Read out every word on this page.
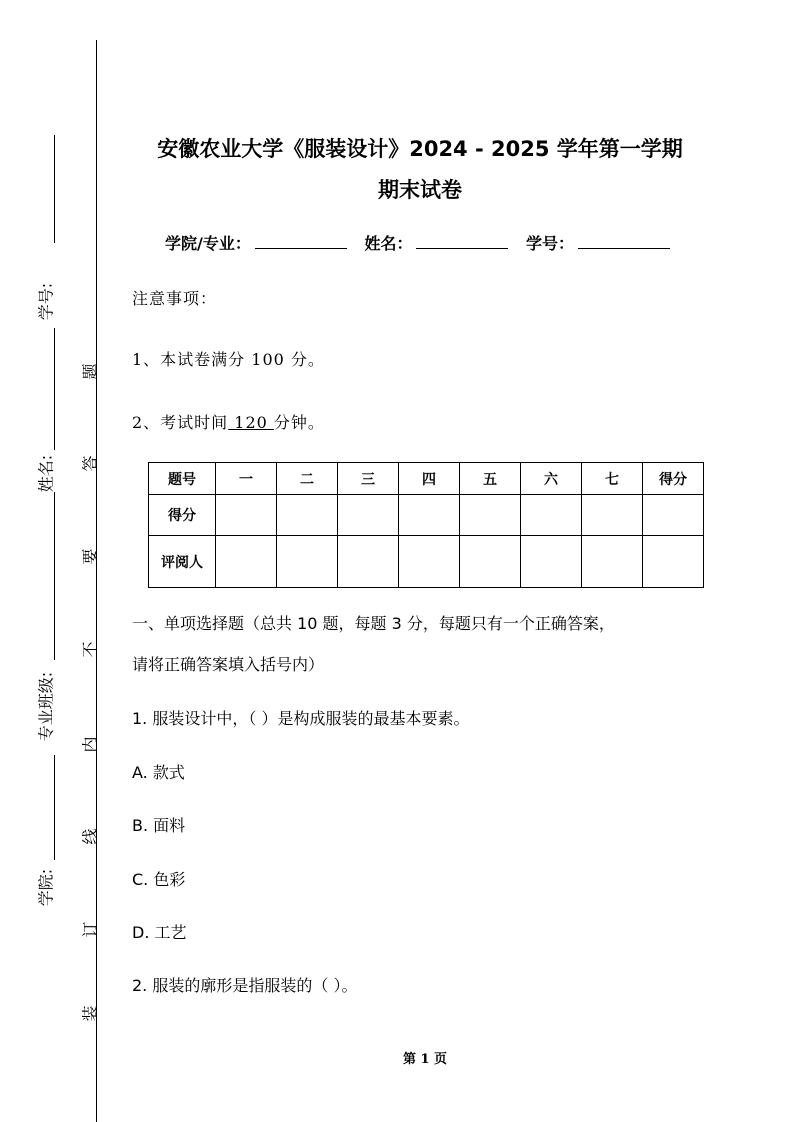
学号:
姓名:
专业班级:
学院:
题
答
要
不
内
线
订
装
安徽农业大学《服装设计》2024 - 2025 学年第一学期
期末试卷
学院/专业：	姓名：	学号：
注意事项：
1、本试卷满分 100 分。
2、考试时间 120 分钟。
题号	一	二	三	四	五	六	七	得分
得分								
评阅人								
一、单项选择题（总共 10 题，每题 3 分，每题只有一个正确答案，
请将正确答案填入括号内）
1. 服装设计中，（ ）是构成服装的最基本要素。
A. 款式
B. 面料
C. 色彩
D. 工艺
2. 服装的廓形是指服装的（ ）。
第 1 页
